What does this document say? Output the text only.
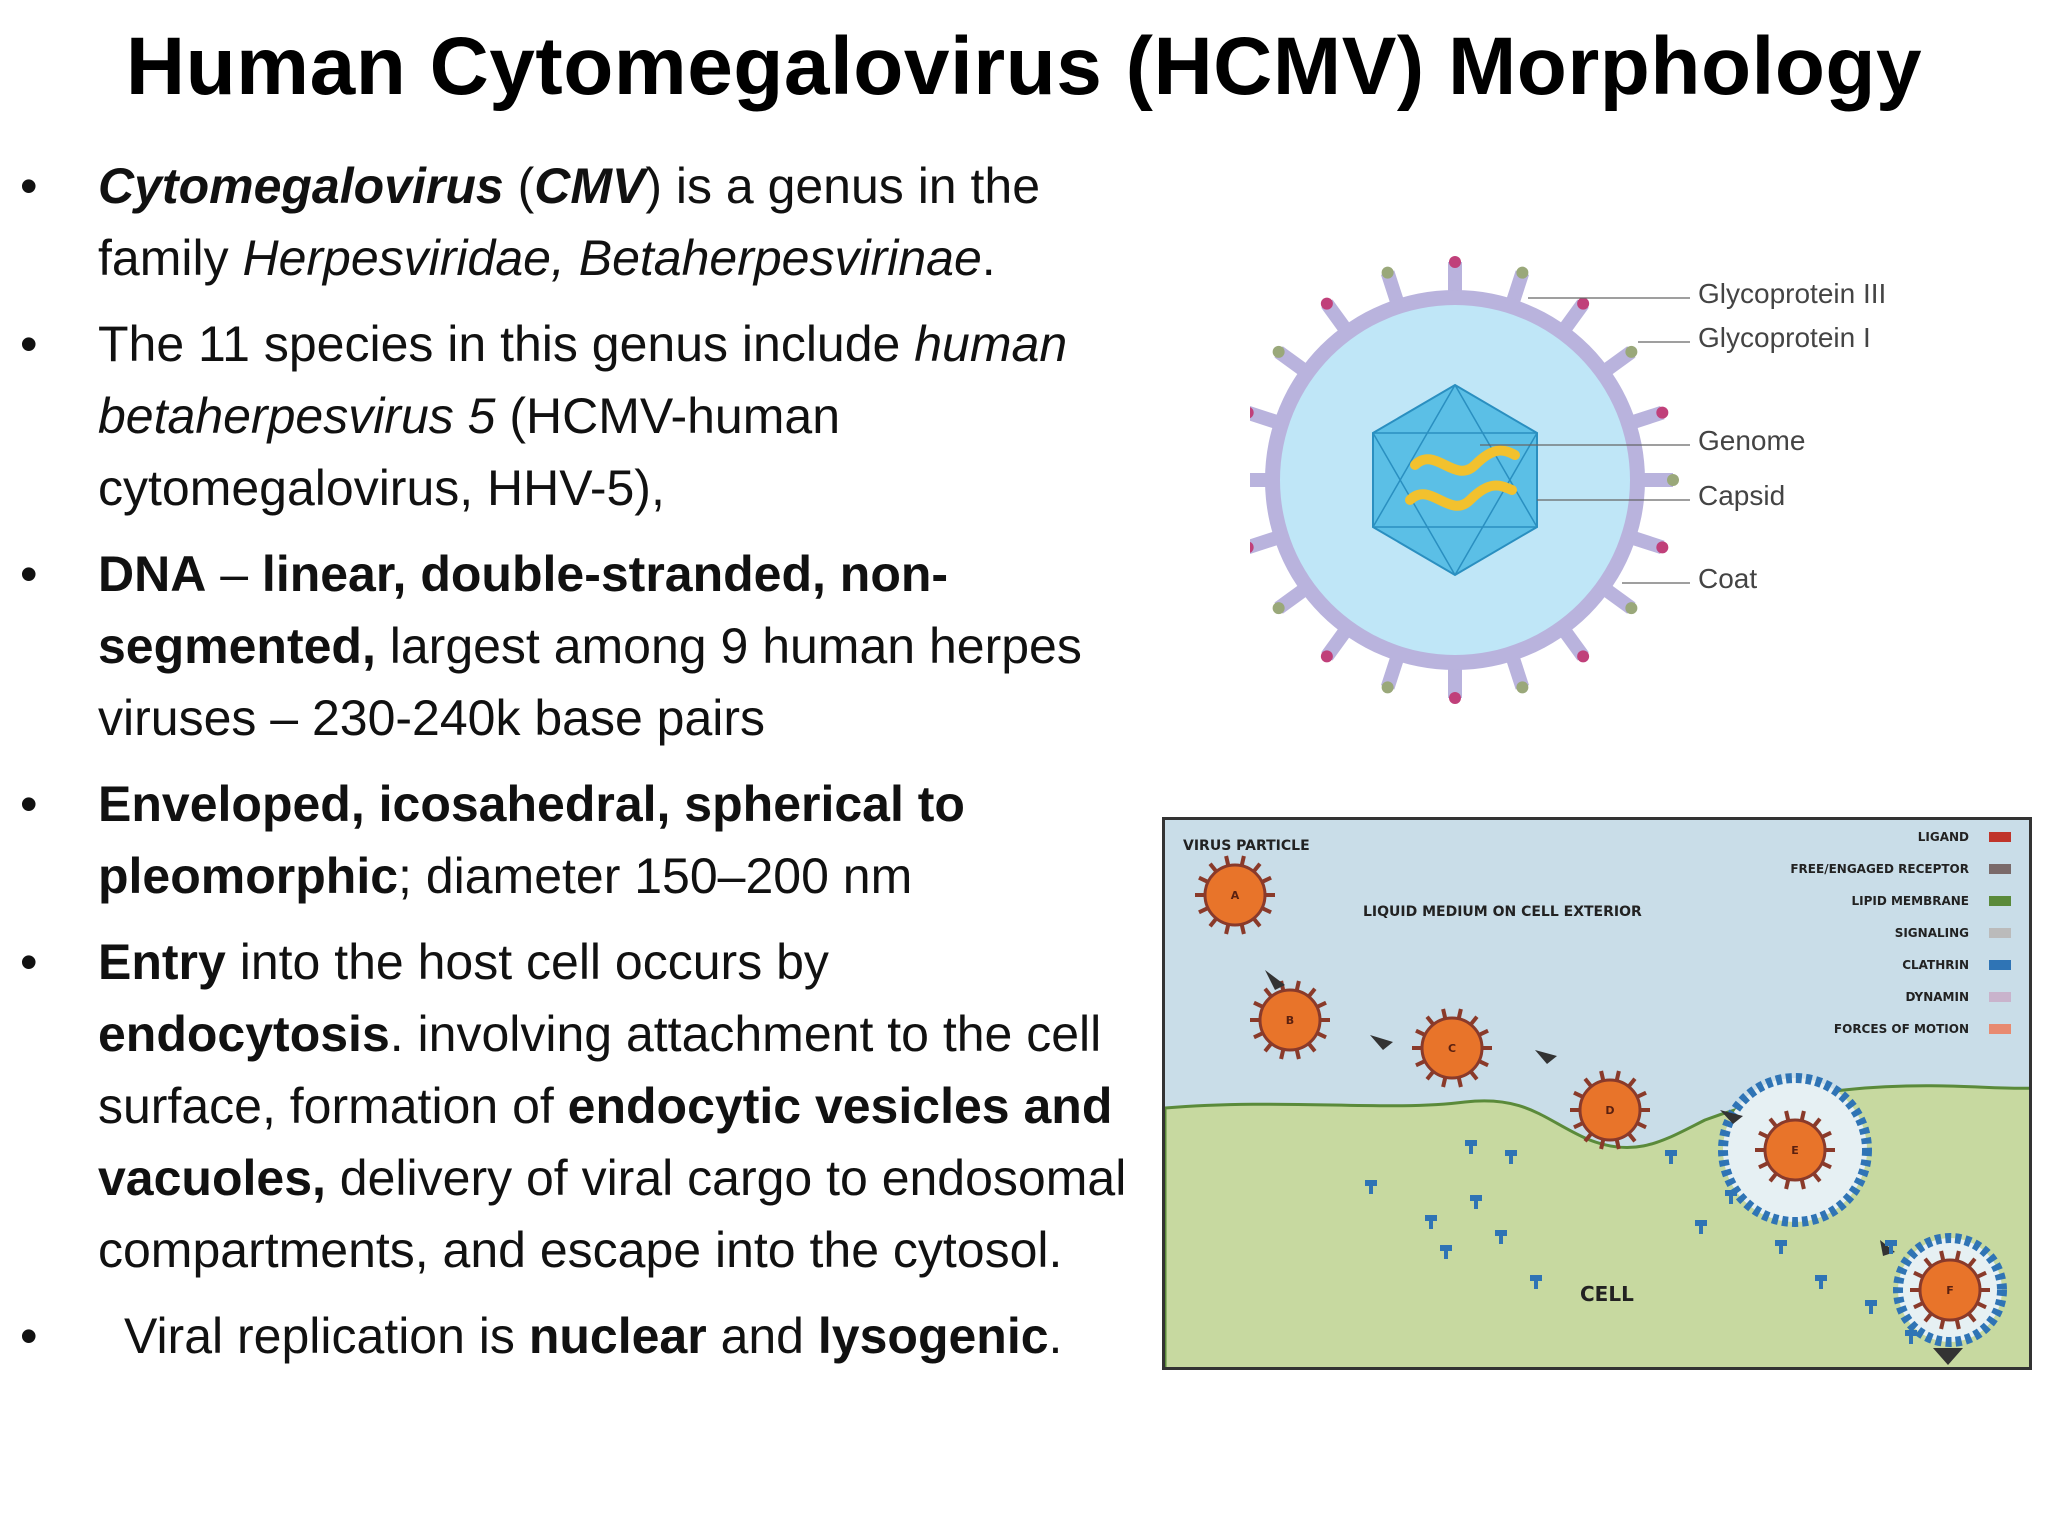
Human Cytomegalovirus (HCMV) Morphology
• Cytomegalovirus (CMV) is a genus in the family Herpesviridae, Betaherpesvirinae.
• The 11 species in this genus include human betaherpesvirus 5 (HCMV-human cytomegalovirus, HHV-5),
• DNA – linear, double-stranded, non-segmented, largest among 9 human herpes viruses – 230-240k base pairs
• Enveloped, icosahedral, spherical to pleomorphic; diameter 150–200 nm
• Entry into the host cell occurs by endocytosis. involving attachment to the cell surface, formation of endocytic vesicles and vacuoles, delivery of viral cargo to endosomal compartments, and escape into the cytosol.
• Viral replication is nuclear and lysogenic.
Glycoprotein III
Glycoprotein I
Genome
Capsid
Coat
A
B
C
D
E
F
VIRUS PARTICLE
LIQUID MEDIUM ON CELL EXTERIOR
CELL
LIGAND
FREE/ENGAGED RECEPTOR
LIPID MEMBRANE
SIGNALING
CLATHRIN
DYNAMIN
FORCES OF MOTION
